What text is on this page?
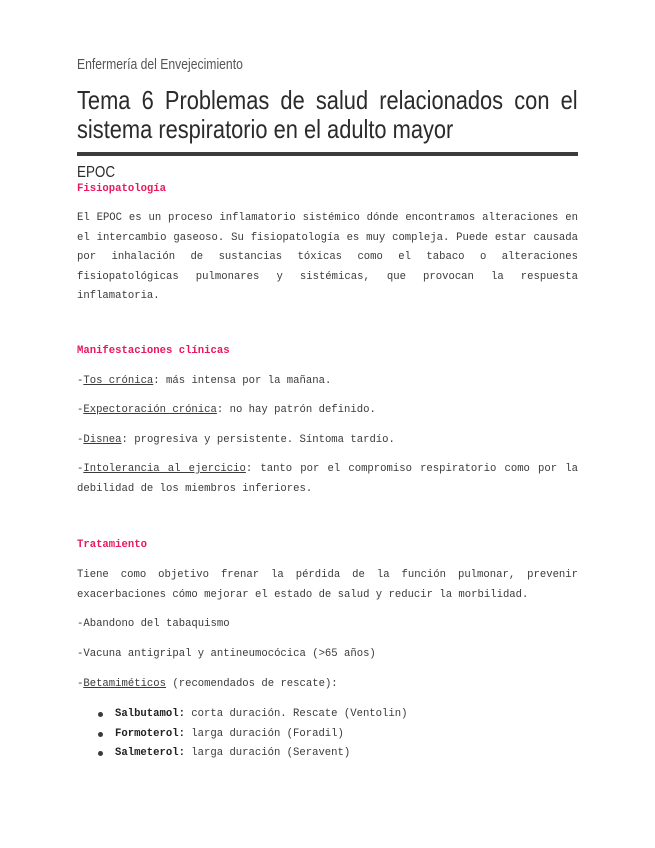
Enfermería del Envejecimiento
Tema 6 Problemas de salud relacionados con el sistema respiratorio en el adulto mayor
EPOC
Fisiopatología

El EPOC es un proceso inflamatorio sistémico dónde encontramos alteraciones en el intercambio gaseoso. Su fisiopatología es muy compleja. Puede estar causada por inhalación de sustancias tóxicas como el tabaco o alteraciones fisiopatológicas pulmonares y sistémicas, que provocan la respuesta inflamatoria.

Manifestaciones clínicas

-Tos crónica: más intensa por la mañana.

-Expectoración crónica: no hay patrón definido.

-Disnea: progresiva y persistente. Síntoma tardío.

-Intolerancia al ejercicio: tanto por el compromiso respiratorio como por la debilidad de los miembros inferiores.

Tratamiento

Tiene como objetivo frenar la pérdida de la función pulmonar, prevenir exacerbaciones cómo mejorar el estado de salud y reducir la morbilidad.

-Abandono del tabaquismo

-Vacuna antigripal y antineumocócica (>65 años)

-Betamiméticos (recomendados de rescate):

Salbutamol: corta duración. Rescate (Ventolin)
Formoterol: larga duración (Foradil)
Salmeterol: larga duración (Seravent)
